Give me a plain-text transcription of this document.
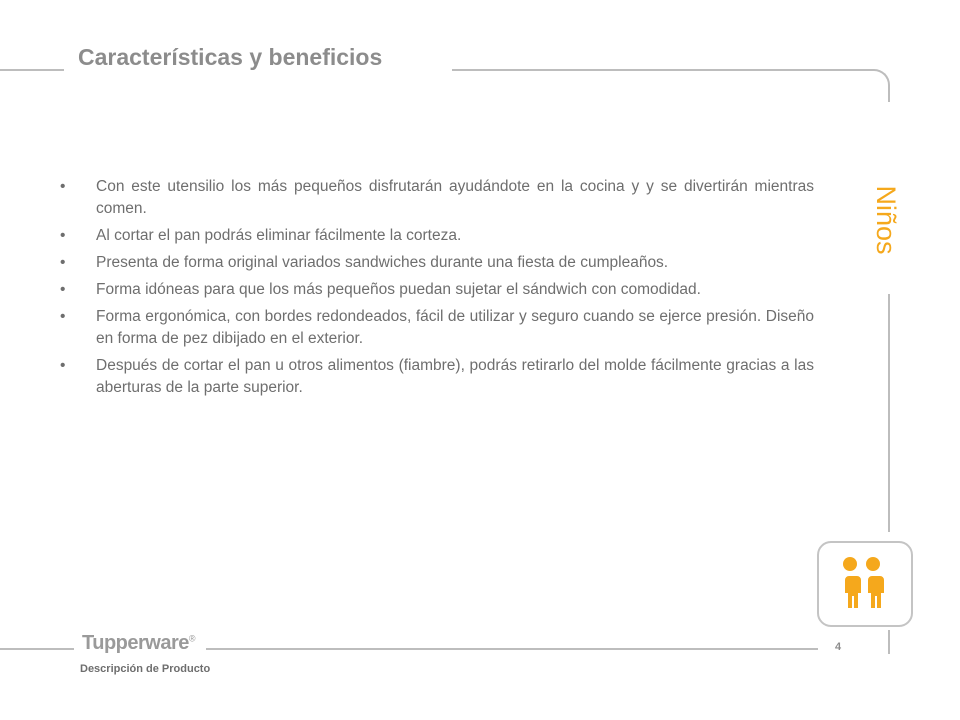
Características y beneficios
Niños
• Con este utensilio los más pequeños disfrutarán ayudándote en la cocina y y se divertirán mientras comen.
• Al cortar el pan podrás eliminar fácilmente la corteza.
• Presenta de forma original variados sandwiches durante una fiesta de cumpleaños.
• Forma idóneas para que los más pequeños puedan sujetar el sándwich con comodidad.
• Forma ergonómica, con bordes redondeados, fácil de utilizar y seguro cuando se ejerce presión. Diseño en forma de pez dibijado en el exterior.
• Después de cortar el pan u otros alimentos (fiambre), podrás retirarlo del molde fácilmente gracias a las aberturas de la parte superior.
Tupperware®
4
Descripción de Producto
